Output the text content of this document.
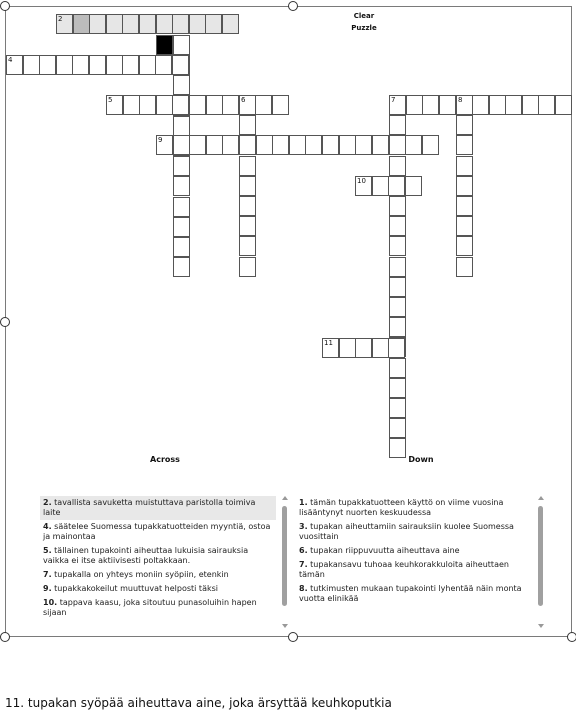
Clear
Puzzle
2
4
5	6
9
7	8
10
11
Across
2. tavallista savuketta muistuttava paristolla toimiva laite
4. säätelee Suomessa tupakkatuotteiden myyntiä, ostoa ja mainontaa
5. tällainen tupakointi aiheuttaa lukuisia sairauksia vaikka ei itse aktiivisesti poltakkaan.
7. tupakalla on yhteys moniin syöpiin, etenkin
9. tupakkakokeilut muuttuvat helposti täksi
10. tappava kaasu, joka sitoutuu punasoluihin hapen sijaan
Down
1. tämän tupakkatuotteen käyttö on viime vuosina lisääntynyt nuorten keskuudessa
3. tupakan aiheuttamiin sairauksiin kuolee Suomessa vuosittain
6. tupakan riippuvuutta aiheuttava aine
7. tupakansavu tuhoaa keuhkorakkuloita aiheuttaen tämän
8. tutkimusten mukaan tupakointi lyhentää näin monta vuotta elinikää
11. tupakan syöpää aiheuttava aine, joka ärsyttää keuhkoputkia
